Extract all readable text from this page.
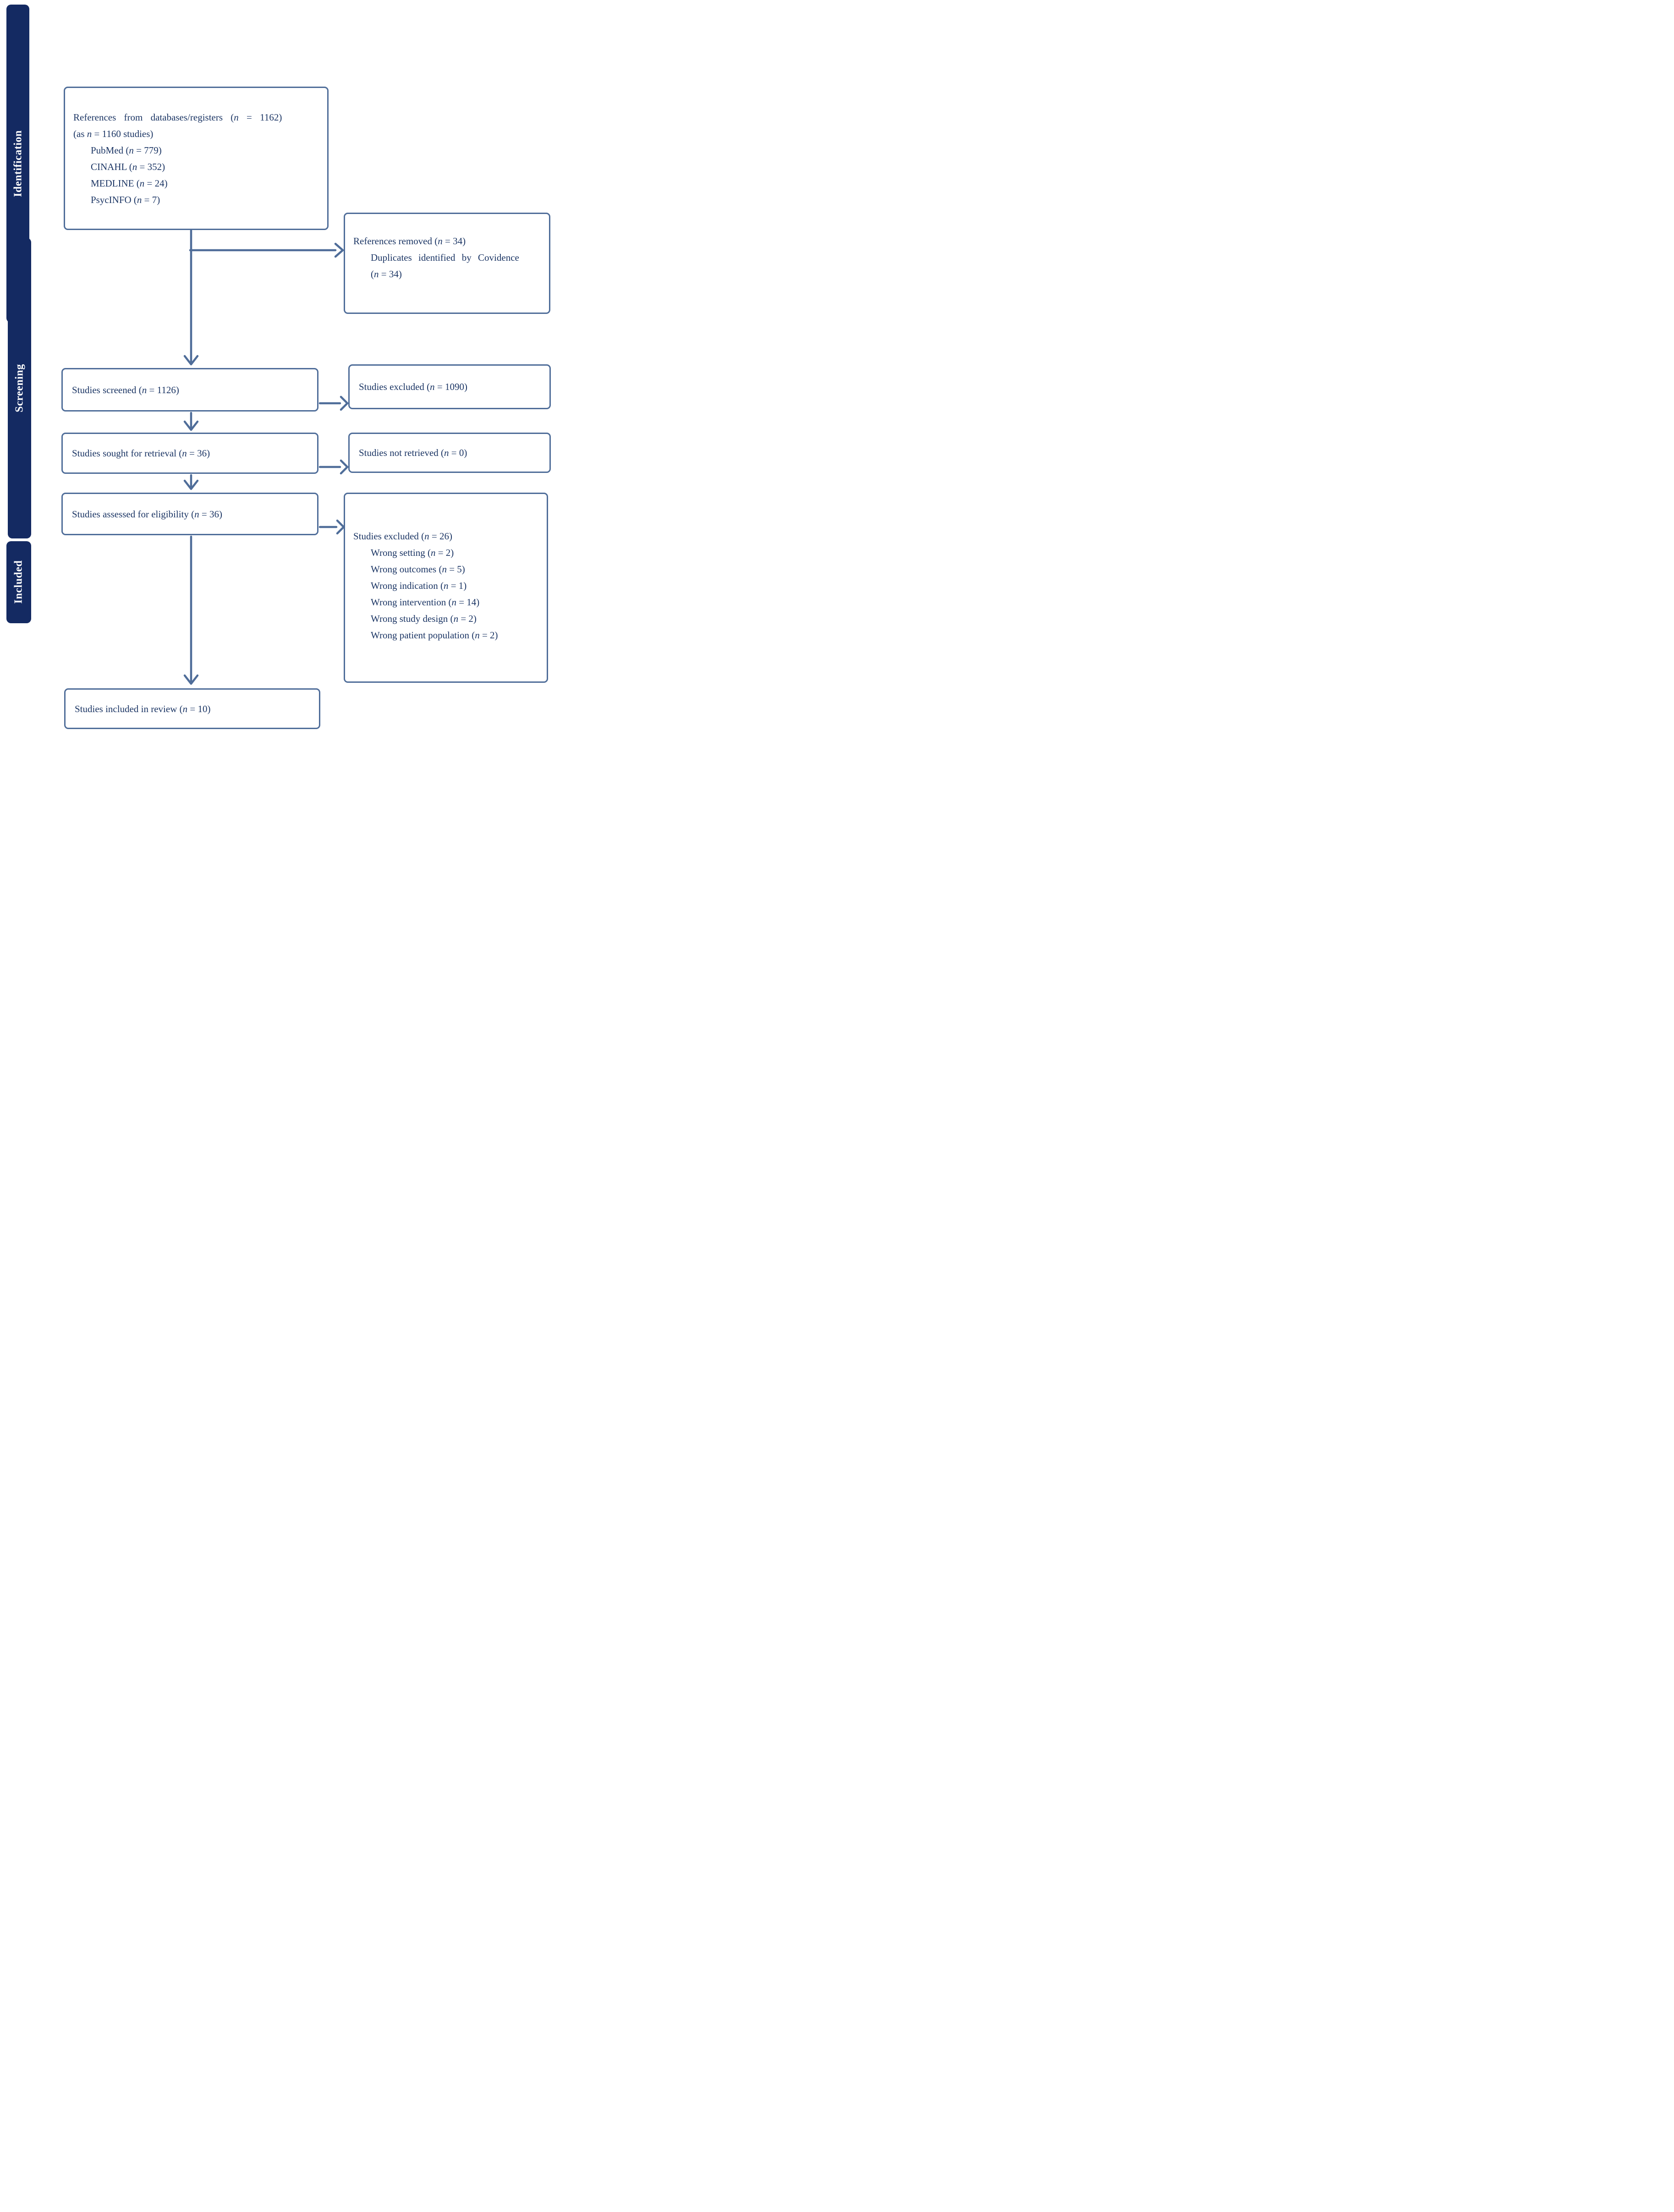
Identification
Screening
Included

References from databases/registers (n = 1162)

(as n = 1160 studies)

PubMed (n = 779)

CINAHL (n = 352)

MEDLINE (n = 24)

PsycINFO (n = 7)

References removed (n = 34)

Duplicates identified by Covidence

(n = 34)

Studies screened (n = 1126)	Studies excluded (n = 1090)

Studies sought for retrieval (n = 36)	Studies not retrieved (n = 0)

Studies assessed for eligibility (n = 36)

Studies excluded (n = 26)

Wrong setting (n = 2)

Wrong outcomes (n = 5)

Wrong indication (n = 1)

Wrong intervention (n = 14)

Wrong study design (n = 2)

Wrong patient population (n = 2)

Studies included in review (n = 10)
